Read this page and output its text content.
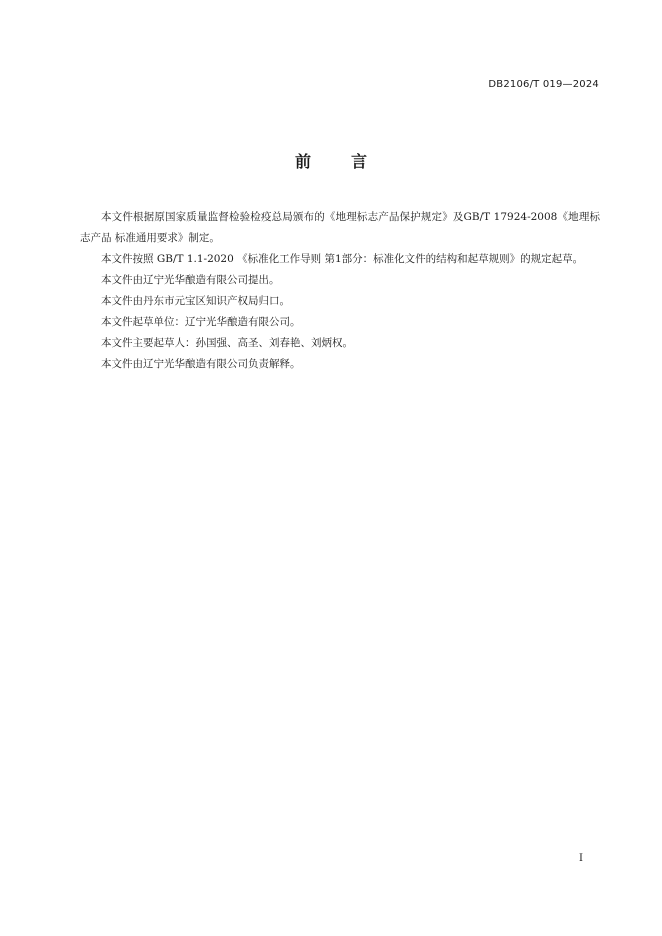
DB2106/T 019—2024
前	言

本文件根据原国家质量监督检验检疫总局颁布的《地理标志产品保护规定》及GB/T 17924-2008《地理标志产品 标准通用要求》制定。

本文件按照 GB/T 1.1-2020 《标准化工作导则 第1部分：标准化文件的结构和起草规则》的规定起草。

本文件由辽宁光华酿造有限公司提出。

本文件由丹东市元宝区知识产权局归口。

本文件起草单位：辽宁光华酿造有限公司。

本文件主要起草人：孙国强、高圣、刘春艳、刘炳权。

本文件由辽宁光华酿造有限公司负责解释。

I
